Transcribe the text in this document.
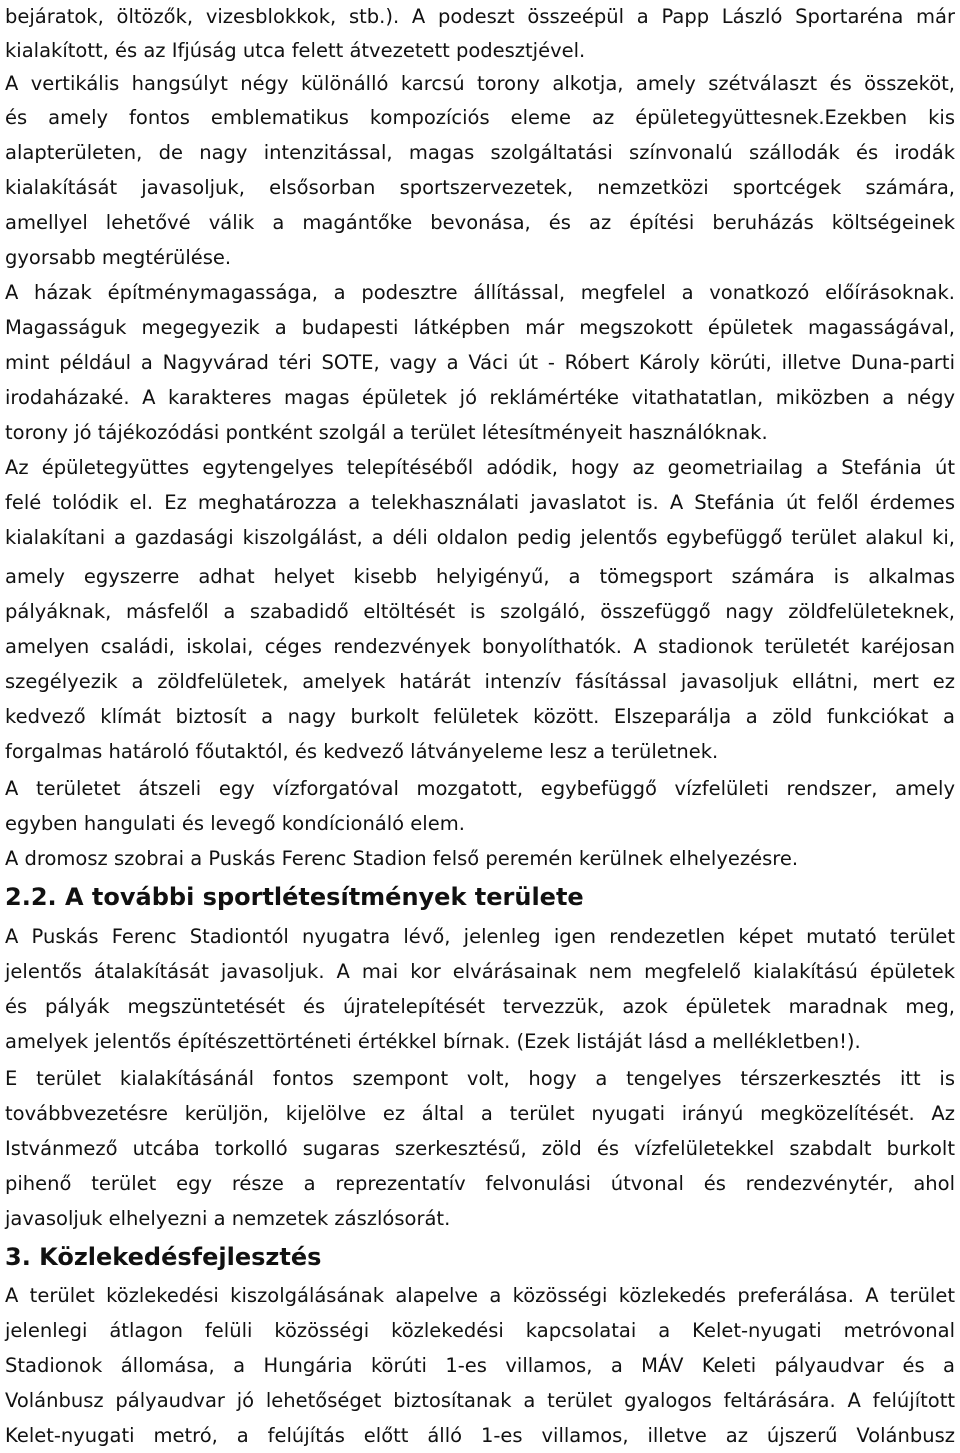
bejáratok, öltözők, vizesblokkok, stb.). A podeszt összeépül a Papp László Sportaréna már
kialakított, és az Ifjúság utca felett átvezetett podesztjével.
A vertikális hangsúlyt négy különálló karcsú torony alkotja, amely szétválaszt és összeköt,
és amely fontos emblematikus kompozíciós eleme az épületegyüttesnek.Ezekben kis
alapterületen, de nagy intenzitással, magas szolgáltatási színvonalú szállodák és irodák
kialakítását javasoljuk, elsősorban sportszervezetek, nemzetközi sportcégek számára,
amellyel lehetővé válik a magántőke bevonása, és az építési beruházás költségeinek
gyorsabb megtérülése.
A házak építménymagassága, a podesztre állítással, megfelel a vonatkozó előírásoknak.
Magasságuk megegyezik a budapesti látképben már megszokott épületek magasságával,
mint például a Nagyvárad téri SOTE, vagy a Váci út - Róbert Károly körúti, illetve Duna-parti
irodaházaké. A karakteres magas épületek jó reklámértéke vitathatatlan, miközben a négy
torony jó tájékozódási pontként szolgál a terület létesítményeit használóknak.
Az épületegyüttes egytengelyes telepítéséből adódik, hogy az geometriailag a Stefánia út
felé tolódik el. Ez meghatározza a telekhasználati javaslatot is. A Stefánia út felől érdemes
kialakítani a gazdasági kiszolgálást, a déli oldalon pedig jelentős egybefüggő terület alakul ki,
amely egyszerre adhat helyet kisebb helyigényű, a tömegsport számára is alkalmas
pályáknak, másfelől a szabadidő eltöltését is szolgáló, összefüggő nagy zöldfelületeknek,
amelyen családi, iskolai, céges rendezvények bonyolíthatók. A stadionok területét karéjosan
szegélyezik a zöldfelületek, amelyek határát intenzív fásítással javasoljuk ellátni, mert ez
kedvező klímát biztosít a nagy burkolt felületek között. Elszeparálja a zöld funkciókat a
forgalmas határoló főutaktól, és kedvező látványeleme lesz a területnek.
A területet átszeli egy vízforgatóval mozgatott, egybefüggő vízfelületi rendszer, amely
egyben hangulati és levegő kondícionáló elem.
A dromosz szobrai a Puskás Ferenc Stadion felső peremén kerülnek elhelyezésre.
2.2. A további sportlétesítmények területe
A Puskás Ferenc Stadiontól nyugatra lévő, jelenleg igen rendezetlen képet mutató terület
jelentős átalakítását javasoljuk. A mai kor elvárásainak nem megfelelő kialakítású épületek
és pályák megszüntetését és újratelepítését tervezzük, azok épületek maradnak meg,
amelyek jelentős építészettörténeti értékkel bírnak. (Ezek listáját lásd a mellékletben!).
E terület kialakításánál fontos szempont volt, hogy a tengelyes térszerkesztés itt is
továbbvezetésre kerüljön, kijelölve ez által a terület nyugati irányú megközelítését. Az
Istvánmező utcába torkolló sugaras szerkesztésű, zöld és vízfelületekkel szabdalt burkolt
pihenő terület egy része a reprezentatív felvonulási útvonal és rendezvénytér, ahol
javasoljuk elhelyezni a nemzetek zászlósorát.
3. Közlekedésfejlesztés
A terület közlekedési kiszolgálásának alapelve a közösségi közlekedés preferálása. A terület
jelenlegi átlagon felüli közösségi közlekedési kapcsolatai a Kelet-nyugati metróvonal
Stadionok állomása, a Hungária körúti 1-es villamos, a MÁV Keleti pályaudvar és a
Volánbusz pályaudvar jó lehetőséget biztosítanak a terület gyalogos feltárására. A felújított
Kelet-nyugati metró, a felújítás előtt álló 1-es villamos, illetve az újszerű Volánbusz
